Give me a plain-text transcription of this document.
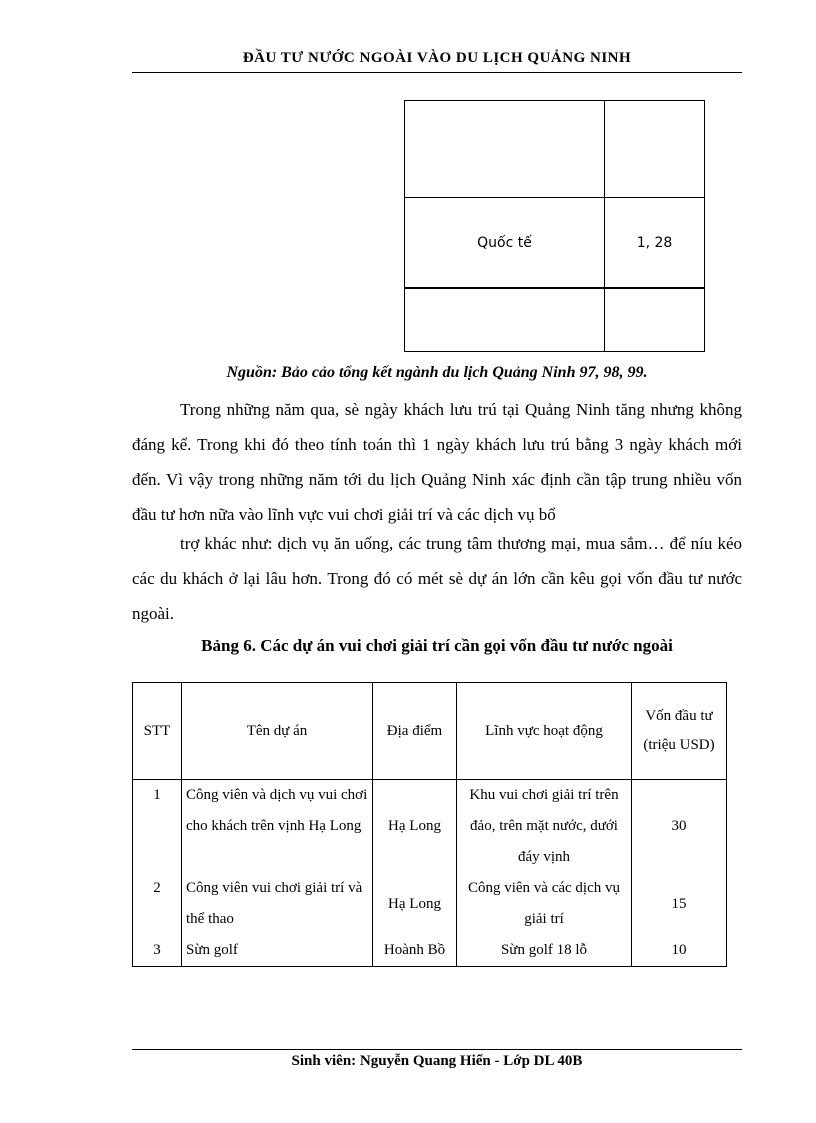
ĐẦU TƯ NƯỚC NGOÀI VÀO DU LỊCH QUẢNG NINH

Quốc tế	1, 28

Nguồn: Bảo cảo tổng kết ngành du lịch Quảng Ninh 97, 98, 99.
Trong những năm qua, sè ngày khách lưu trú tại Quảng Ninh tăng nhưng không đáng kể. Trong khi đó theo tính toán thì 1 ngày khách lưu trú bằng 3 ngày khách mới đến. Vì vậy trong những năm tới du lịch Quảng Ninh xác định cần tập trung nhiều vốn đầu tư hơn nữa vào lĩnh vực vui chơi giải trí và các dịch vụ bổ
trợ khác như: dịch vụ ăn uống, các trung tâm thương mại, mua sắm… để níu kéo các du khách ở lại lâu hơn. Trong đó có mét sè dự án lớn cần kêu gọi vốn đầu tư nước ngoài.
Bảng 6. Các dự án vui chơi giải trí cần gọi vốn đầu tư nước ngoài
STT	Tên dự án	Địa điểm	Lĩnh vực hoạt động	Vốn đầu tư (triệu USD)
1	Công viên và dịch vụ vui chơi cho khách trên vịnh Hạ Long	Hạ Long	Khu vui chơi giải trí trên đảo, trên mặt nước, dưới đáy vịnh	30
2	Công viên vui chơi giải trí và thể thao	Hạ Long	Công viên và các dịch vụ giải trí	15
3	Sừn golf	Hoành Bồ	Sừn golf 18 lỗ	10
Sinh viên: Nguyễn Quang Hiển - Lớp DL 40B
